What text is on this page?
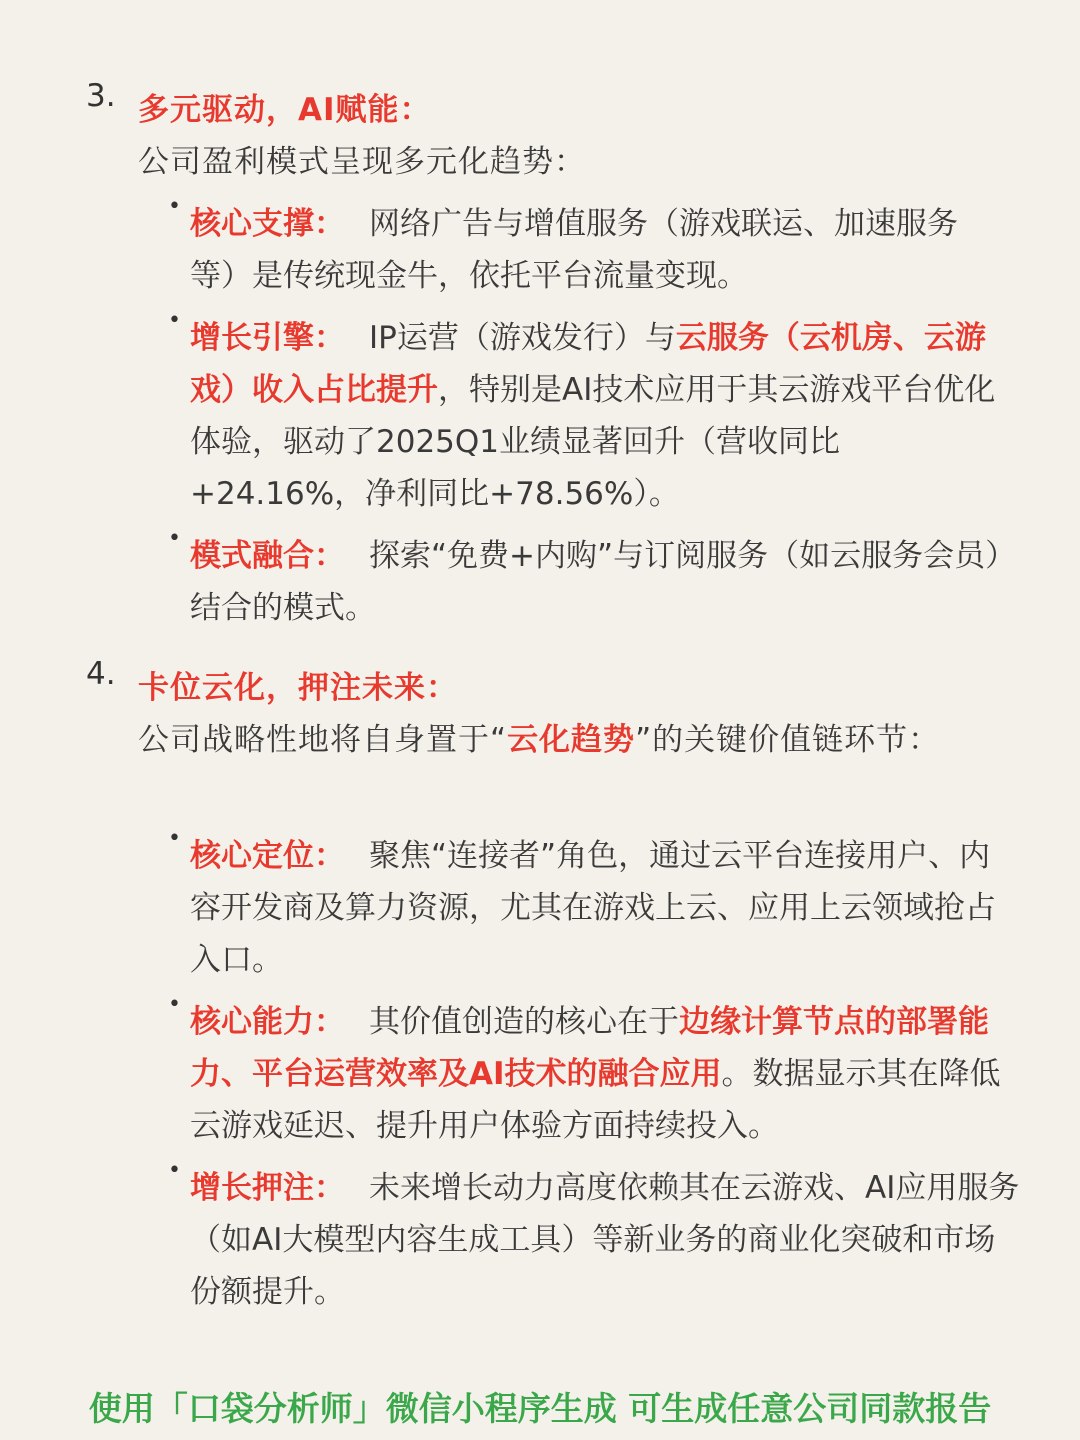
3. 多元驱动，AI赋能：
公司盈利模式呈现多元化趋势：
• 核心支撑： 网络广告与增值服务（游戏联运、加速服务等）是传统现金牛，依托平台流量变现。
• 增长引擎： IP运营（游戏发行）与云服务（云机房、云游戏）收入占比提升，特别是AI技术应用于其云游戏平台优化体验，驱动了2025Q1业绩显著回升（营收同比+24.16%，净利同比+78.56%）。
• 模式融合： 探索“免费+内购”与订阅服务（如云服务会员）结合的模式。
4. 卡位云化，押注未来：
公司战略性地将自身置于“云化趋势”的关键价值链环节：
• 核心定位： 聚焦“连接者”角色，通过云平台连接用户、内容开发商及算力资源，尤其在游戏上云、应用上云领域抢占入口。
• 核心能力： 其价值创造的核心在于边缘计算节点的部署能力、平台运营效率及AI技术的融合应用。数据显示其在降低云游戏延迟、提升用户体验方面持续投入。
• 增长押注： 未来增长动力高度依赖其在云游戏、AI应用服务（如AI大模型内容生成工具）等新业务的商业化突破和市场份额提升。
使用「口袋分析师」微信小程序生成 可生成任意公司同款报告
